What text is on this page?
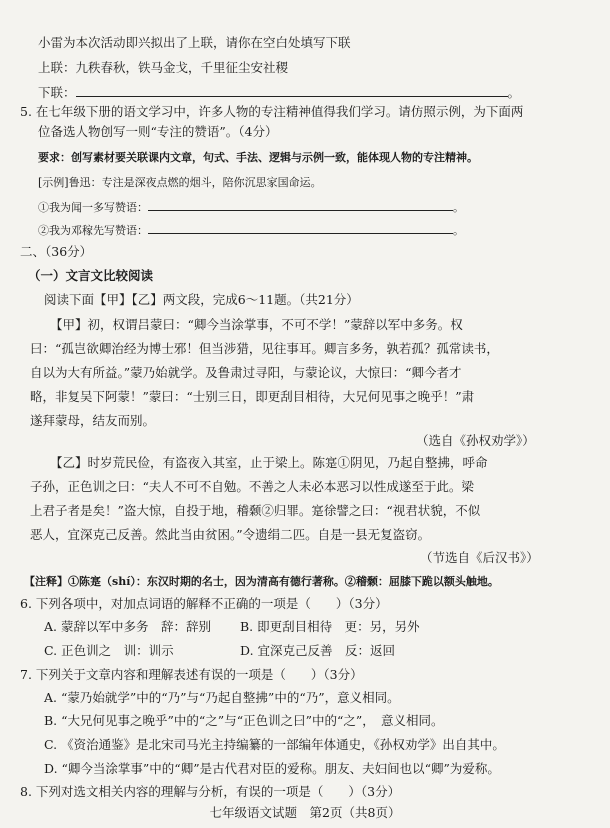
小雷为本次活动即兴拟出了上联，请你在空白处填写下联
上联：九秩春秋，铁马金戈，千里征尘安社稷
下联：	。
5. 在七年级下册的语文学习中，许多人物的专注精神值得我们学习。请仿照示例，为下面两
位备选人物创写一则“专注的赞语”。（4分）
要求：创写素材要关联课内文章，句式、手法、逻辑与示例一致，能体现人物的专注精神。
[示例]鲁迅：专注是深夜点燃的烟斗，陪你沉思家国命运。
①我为闻一多写赞语：	。
②我为邓稼先写赞语：	。
二、（36分）
（一）文言文比较阅读
阅读下面【甲】【乙】两文段，完成6～11题。（共21分）
【甲】初，权谓吕蒙曰：“卿今当涂掌事，不可不学！”蒙辞以军中多务。权
曰：“孤岂欲卿治经为博士邪！但当涉猎，见往事耳。卿言多务，孰若孤？孤常读书，
自以为大有所益。”蒙乃始就学。及鲁肃过寻阳，与蒙论议，大惊曰：“卿今者才
略，非复吴下阿蒙！”蒙曰：“士别三日，即更刮目相待，大兄何见事之晚乎！”肃
遂拜蒙母，结友而别。
（选自《孙权劝学》）
【乙】时岁荒民俭，有盗夜入其室，止于梁上。陈寔①阴见，乃起自整拂，呼命
子孙，正色训之曰：“夫人不可不自勉。不善之人未必本恶习以性成遂至于此。梁
上君子者是矣！”盗大惊，自投于地，稽颡②归罪。寔徐譬之曰：“视君状貌，不似
恶人，宜深克己反善。然此当由贫困。”令遗绢二匹。自是一县无复盗窃。
（节选自《后汉书》）
【注释】①陈寔（shí）：东汉时期的名士，因为清高有德行著称。②稽颡：屈膝下跪以额头触地。
6. 下列各项中，对加点词语的解释不正确的一项是（　　）（3分）
A. 蒙辞以军中多务　辞：辞别 B. 即更刮目相待　更：另，另外
C. 正色训之　训：训示	D. 宜深克己反善　反：返回
7. 下列关于文章内容和理解表述有误的一项是（　　）（3分）
A. “蒙乃始就学”中的“乃”与“乃起自整拂”中的“乃”，意义相同。
B. “大兄何见事之晚乎”中的“之”与“正色训之曰”中的“之”，　意义相同。
C. 《资治通鉴》是北宋司马光主持编纂的一部编年体通史，《孙权劝学》出自其中。
D. “卿今当涂掌事”中的“卿”是古代君对臣的爱称。朋友、夫妇间也以“卿”为爱称。
8. 下列对选文相关内容的理解与分析，有误的一项是（　　）（3分）
七年级语文试题　第2页（共8页）
